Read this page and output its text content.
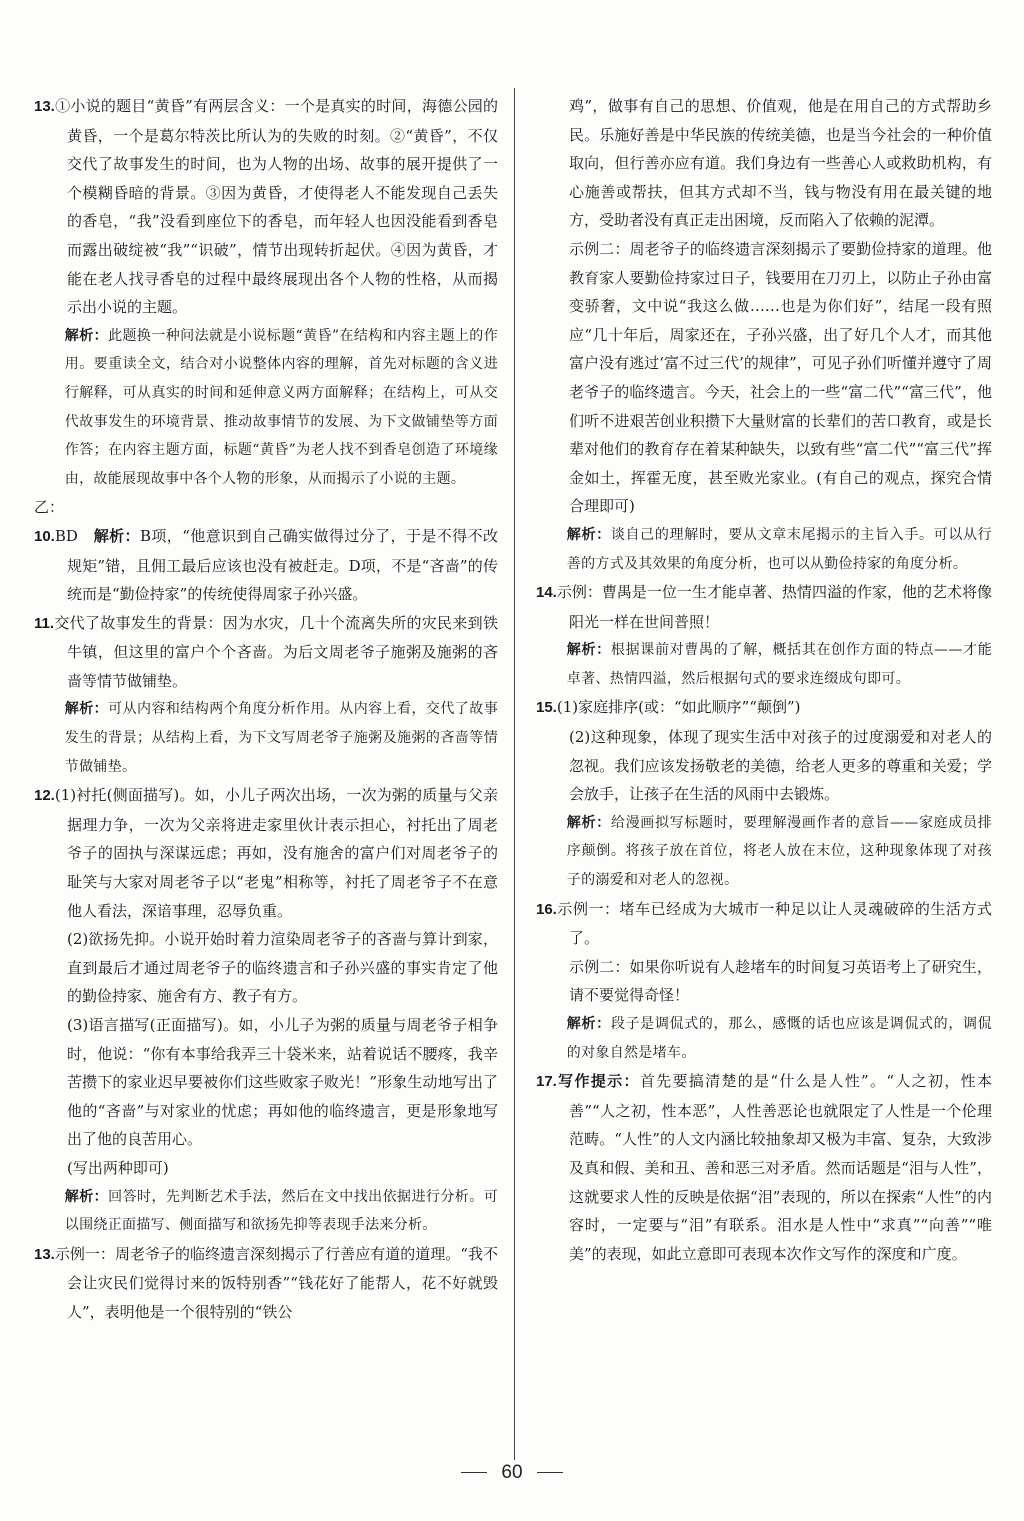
13.①小说的题目“黄昏”有两层含义：一个是真实的时间，海德公园的黄昏，一个是葛尔特茨比所认为的失败的时刻。②“黄昏”，不仅交代了故事发生的时间，也为人物的出场、故事的展开提供了一个模糊昏暗的背景。③因为黄昏，才使得老人不能发现自己丢失的香皂，“我”没看到座位下的香皂，而年轻人也因没能看到香皂而露出破绽被“我”“识破”，情节出现转折起伏。④因为黄昏，才能在老人找寻香皂的过程中最终展现出各个人物的性格，从而揭示出小说的主题。

解析：此题换一种问法就是小说标题“黄昏”在结构和内容主题上的作用。要重读全文，结合对小说整体内容的理解，首先对标题的含义进行解释，可从真实的时间和延伸意义两方面解释；在结构上，可从交代故事发生的环境背景、推动故事情节的发展、为下文做铺垫等方面作答；在内容主题方面，标题“黄昏”为老人找不到香皂创造了环境缘由，故能展现故事中各个人物的形象，从而揭示了小说的主题。

乙：

10.BD　解析：B项，“他意识到自己确实做得过分了，于是不得不改规矩”错，且佣工最后应该也没有被赶走。D项，不是“吝啬”的传统而是“勤俭持家”的传统使得周家子孙兴盛。

11.交代了故事发生的背景：因为水灾，几十个流离失所的灾民来到铁牛镇，但这里的富户个个吝啬。为后文周老爷子施粥及施粥的吝啬等情节做铺垫。

解析：可从内容和结构两个角度分析作用。从内容上看，交代了故事发生的背景；从结构上看，为下文写周老爷子施粥及施粥的吝啬等情节做铺垫。

12.(1)衬托(侧面描写)。如，小儿子两次出场，一次为粥的质量与父亲据理力争，一次为父亲将进走家里伙计表示担心，衬托出了周老爷子的固执与深谋远虑；再如，没有施舍的富户们对周老爷子的耻笑与大家对周老爷子以“老鬼”相称等，衬托了周老爷子不在意他人看法，深谙事理，忍辱负重。

(2)欲扬先抑。小说开始时着力渲染周老爷子的吝啬与算计到家，直到最后才通过周老爷子的临终遗言和子孙兴盛的事实肯定了他的勤俭持家、施舍有方、教子有方。

(3)语言描写(正面描写)。如，小儿子为粥的质量与周老爷子相争时，他说：“你有本事给我弄三十袋米来，站着说话不腰疼，我辛苦攒下的家业迟早要被你们这些败家子败光！”形象生动地写出了他的“吝啬”与对家业的忧虑；再如他的临终遗言，更是形象地写出了他的良苦用心。

(写出两种即可)

解析：回答时，先判断艺术手法，然后在文中找出依据进行分析。可以围绕正面描写、侧面描写和欲扬先抑等表现手法来分析。

13.示例一：周老爷子的临终遗言深刻揭示了行善应有道的道理。“我不会让灾民们觉得讨来的饭特别香”“钱花好了能帮人，花不好就毁人”，表明他是一个很特别的“铁公

鸡”，做事有自己的思想、价值观，他是在用自己的方式帮助乡民。乐施好善是中华民族的传统美德，也是当今社会的一种价值取向，但行善亦应有道。我们身边有一些善心人或救助机构，有心施善或帮扶，但其方式却不当，钱与物没有用在最关键的地方，受助者没有真正走出困境，反而陷入了依赖的泥潭。

示例二：周老爷子的临终遗言深刻揭示了要勤俭持家的道理。他教育家人要勤俭持家过日子，钱要用在刀刃上，以防止子孙由富变骄奢，文中说“我这么做……也是为你们好”，结尾一段有照应“几十年后，周家还在，子孙兴盛，出了好几个人才，而其他富户没有逃过‘富不过三代’的规律”，可见子孙们听懂并遵守了周老爷子的临终遗言。今天，社会上的一些“富二代”“富三代”，他们听不进艰苦创业积攒下大量财富的长辈们的苦口教育，或是长辈对他们的教育存在着某种缺失，以致有些“富二代”“富三代”挥金如土，挥霍无度，甚至败光家业。(有自己的观点，探究合情合理即可)

解析：谈自己的理解时，要从文章末尾揭示的主旨入手。可以从行善的方式及其效果的角度分析，也可以从勤俭持家的角度分析。

14.示例：曹禺是一位一生才能卓著、热情四溢的作家，他的艺术将像阳光一样在世间普照！

解析：根据课前对曹禺的了解，概括其在创作方面的特点——才能卓著、热情四溢，然后根据句式的要求连缀成句即可。

15.(1)家庭排序(或：“如此顺序”“颠倒”)

(2)这种现象，体现了现实生活中对孩子的过度溺爱和对老人的忽视。我们应该发扬敬老的美德，给老人更多的尊重和关爱；学会放手，让孩子在生活的风雨中去锻炼。

解析：给漫画拟写标题时，要理解漫画作者的意旨——家庭成员排序颠倒。将孩子放在首位，将老人放在末位，这种现象体现了对孩子的溺爱和对老人的忽视。

16.示例一：堵车已经成为大城市一种足以让人灵魂破碎的生活方式了。

示例二：如果你听说有人趁堵车的时间复习英语考上了研究生，请不要觉得奇怪！

解析：段子是调侃式的，那么，感慨的话也应该是调侃式的，调侃的对象自然是堵车。

17.写作提示：首先要搞清楚的是“什么是人性”。“人之初，性本善”“人之初，性本恶”，人性善恶论也就限定了人性是一个伦理范畴。“人性”的人文内涵比较抽象却又极为丰富、复杂，大致涉及真和假、美和丑、善和恶三对矛盾。然而话题是“泪与人性”，这就要求人性的反映是依据“泪”表现的，所以在探索“人性”的内容时，一定要与“泪”有联系。泪水是人性中“求真”“向善”“唯美”的表现，如此立意即可表现本次作文写作的深度和广度。

60
